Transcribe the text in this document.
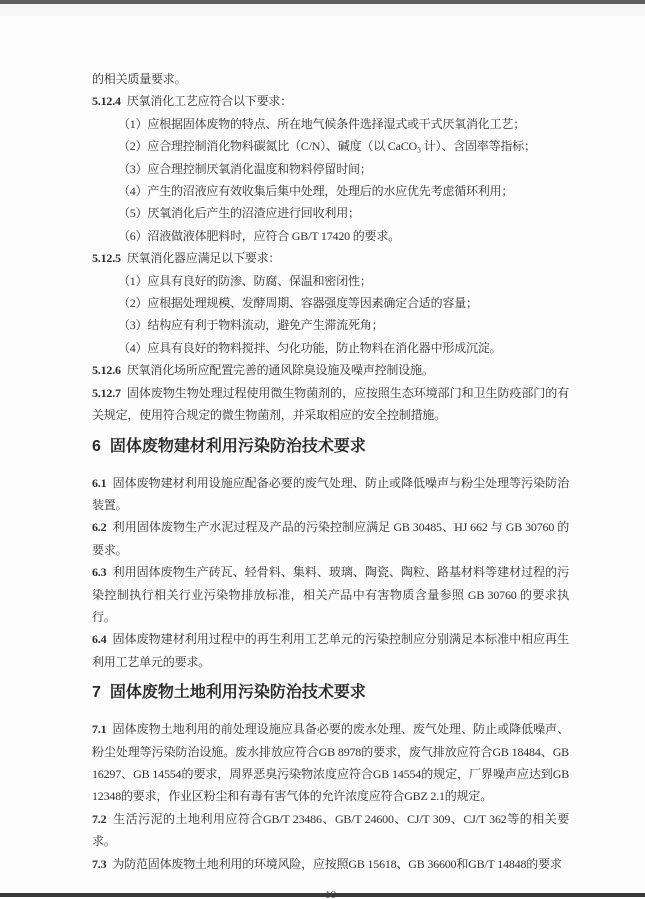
的相关质量要求。

5.12.4 厌氧消化工艺应符合以下要求：

（1）应根据固体废物的特点、所在地气候条件选择湿式或干式厌氧消化工艺；

（2）应合理控制消化物料碳氮比（C/N）、碱度（以 CaCO₃ 计）、含固率等指标；

（3）应合理控制厌氧消化温度和物料停留时间；

（4）产生的沼液应有效收集后集中处理，处理后的水应优先考虑循环利用；

（5）厌氧消化后产生的沼渣应进行回收利用；

（6）沼液做液体肥料时，应符合 GB/T 17420 的要求。

5.12.5 厌氧消化器应满足以下要求：

（1）应具有良好的防渗、防腐、保温和密闭性；

（2）应根据处理规模、发酵周期、容器强度等因素确定合适的容量；

（3）结构应有利于物料流动，避免产生滞流死角；

（4）应具有良好的物料搅拌、匀化功能，防止物料在消化器中形成沉淀。

5.12.6 厌氧消化场所应配置完善的通风除臭设施及噪声控制设施。

5.12.7 固体废物生物处理过程使用微生物菌剂的，应按照生态环境部门和卫生防疫部门的有关规定，使用符合规定的微生物菌剂，并采取相应的安全控制措施。

6 固体废物建材利用污染防治技术要求

6.1 固体废物建材利用设施应配备必要的废气处理、防止或降低噪声与粉尘处理等污染防治装置。

6.2 利用固体废物生产水泥过程及产品的污染控制应满足 GB 30485、HJ 662 与 GB 30760 的要求。

6.3 利用固体废物生产砖瓦、轻骨料、集料、玻璃、陶瓷、陶粒、路基材料等建材过程的污染控制执行相关行业污染物排放标准，相关产品中有害物质含量参照 GB 30760 的要求执行。

6.4 固体废物建材利用过程中的再生利用工艺单元的污染控制应分别满足本标准中相应再生利用工艺单元的要求。

7 固体废物土地利用污染防治技术要求

7.1 固体废物土地利用的前处理设施应具备必要的废水处理、废气处理、防止或降低噪声、粉尘处理等污染防治设施。废水排放应符合GB 8978的要求，废气排放应符合GB 18484、GB 16297、GB 14554的要求，周界恶臭污染物浓度应符合GB 14554的规定，厂界噪声应达到GB 12348的要求，作业区粉尘和有毒有害气体的允许浓度应符合GBZ 2.1的规定。

7.2 生活污泥的土地利用应符合GB/T 23486、GB/T 24600、CJ/T 309、CJ/T 362等的相关要求。

7.3 为防范固体废物土地利用的环境风险，应按照GB 15618、GB 36600和GB/T 14848的要求
